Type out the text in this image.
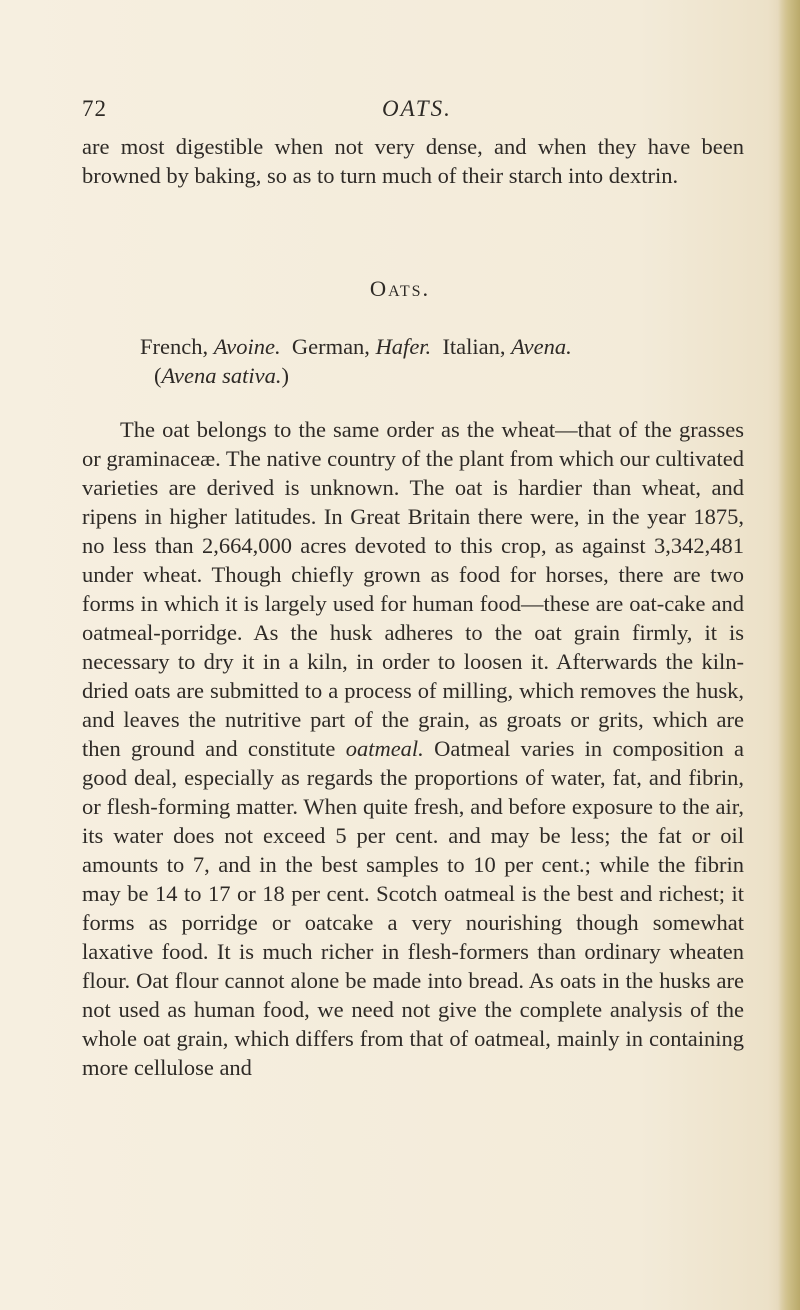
72	OATS.

are most digestible when not very dense, and when they have been browned by baking, so as to turn much of their starch into dextrin.

Oats.
French, Avoine. German, Hafer. Italian, Avena.
(Avena sativa.)

The oat belongs to the same order as the wheat—that of the grasses or graminaceæ. The native country of the plant from which our cultivated varieties are derived is unknown. The oat is hardier than wheat, and ripens in higher latitudes. In Great Britain there were, in the year 1875, no less than 2,664,000 acres devoted to this crop, as against 3,342,481 under wheat. Though chiefly grown as food for horses, there are two forms in which it is largely used for human food—these are oat-cake and oatmeal-porridge. As the husk adheres to the oat grain firmly, it is necessary to dry it in a kiln, in order to loosen it. Afterwards the kiln-dried oats are submitted to a process of milling, which removes the husk, and leaves the nutritive part of the grain, as groats or grits, which are then ground and constitute oatmeal. Oatmeal varies in composition a good deal, especially as regards the proportions of water, fat, and fibrin, or flesh-forming matter. When quite fresh, and before exposure to the air, its water does not exceed 5 per cent. and may be less; the fat or oil amounts to 7, and in the best samples to 10 per cent.; while the fibrin may be 14 to 17 or 18 per cent. Scotch oatmeal is the best and richest; it forms as porridge or oatcake a very nourishing though somewhat laxative food. It is much richer in flesh-formers than ordinary wheaten flour. Oat flour cannot alone be made into bread. As oats in the husks are not used as human food, we need not give the complete analysis of the whole oat grain, which differs from that of oatmeal, mainly in containing more cellulose and
